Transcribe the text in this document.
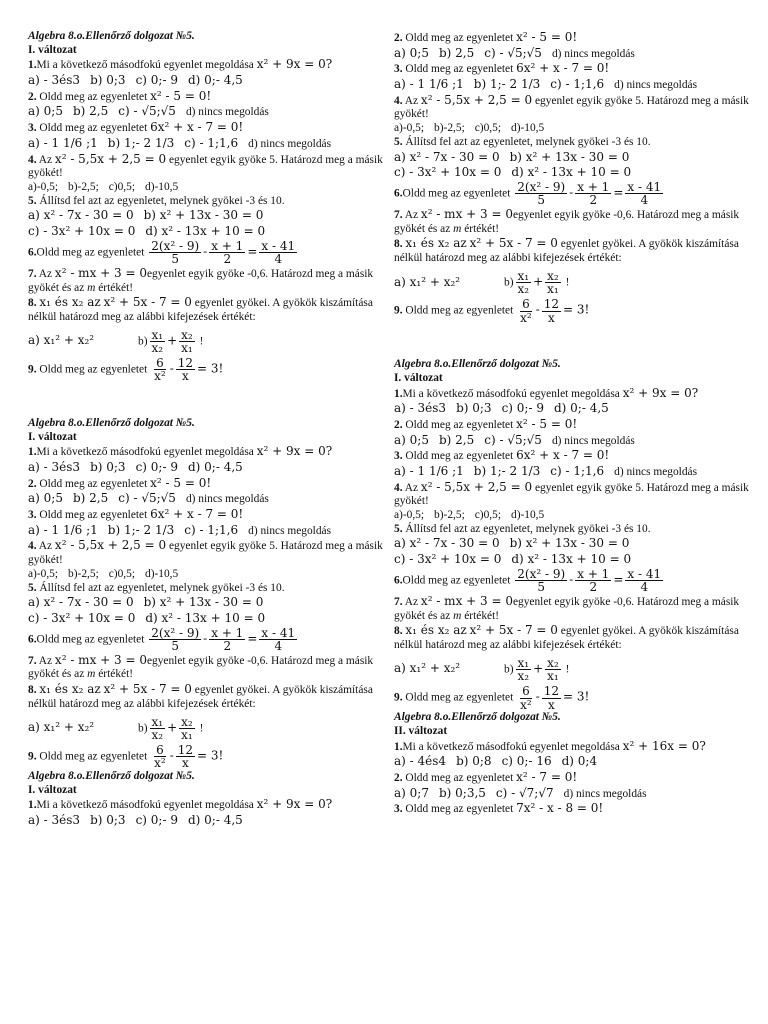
Algebra 8.o.Ellenőrző dolgozat №5.
I. változat
1.Mi a következő másodfokú egyenlet megoldása x² + 9x = 0?
a) - 3és3 b) 0;3 c) 0;- 9 d) 0;- 4,5
2. Oldd meg az egyenletet x² - 5 = 0!
a) 0;5 b) 2,5 c) - √5;√5 d) nincs megoldás
3. Oldd meg az egyenletet 6x² + x - 7 = 0!
a) - 1 1/6 ;1 b) 1;- 2 1/3 c) - 1;1,6 d) nincs megoldás
4. Az x² - 5,5x + 2,5 = 0 egyenlet egyik gyöke 5. Határozd meg a másik gyökét!
a)-0,5; b)-2,5; c)0,5; d)-10,5
5. Állítsd fel azt az egyenletet, melynek gyökei -3 és 10.
a) x² - 7x - 30 = 0 b) x² + 13x - 30 = 0
c) - 3x² + 10x = 0 d) x² - 13x + 10 = 0
6.Oldd meg az egyenletet $\frac{\text{2(x² - 9)}}{5} - \frac{x + 1}{2} = \frac{x - 41}{4}$
7. Az x² - mx + 3 = 0egyenlet egyik gyöke -0,6. Határozd meg a másik gyökét és az m értékét!
8. x₁ és x₂ az x² + 5x - 7 = 0 egyenlet gyökei. A gyökök kiszámítása nélkül határozd meg az alábbi kifejezések értékét:
a) x₁² + x₂²	$b) \frac{\text{x₁}}{\text{x₂}} + \frac{\text{x₂}}{\text{x₁}}$ !
9. Oldd meg az egyenletet $\frac{6}{\text{x²}} - \frac{12}{x} = 3$!
Algebra 8.o.Ellenőrző dolgozat №5.
I. változat
1.Mi a következő másodfokú egyenlet megoldása x² + 9x = 0?
a) - 3és3 b) 0;3 c) 0;- 9 d) 0;- 4,5
2. Oldd meg az egyenletet x² - 5 = 0!
a) 0;5 b) 2,5 c) - √5;√5 d) nincs megoldás
3. Oldd meg az egyenletet 6x² + x - 7 = 0!
a) - 1 1/6 ;1 b) 1;- 2 1/3 c) - 1;1,6 d) nincs megoldás
4. Az x² - 5,5x + 2,5 = 0 egyenlet egyik gyöke 5. Határozd meg a másik gyökét!
a)-0,5; b)-2,5; c)0,5; d)-10,5
5. Állítsd fel azt az egyenletet, melynek gyökei -3 és 10.
a) x² - 7x - 30 = 0 b) x² + 13x - 30 = 0
c) - 3x² + 10x = 0 d) x² - 13x + 10 = 0
6.Oldd meg az egyenletet $\frac{\text{2(x² - 9)}}{5} - \frac{x + 1}{2} = \frac{x - 41}{4}$
7. Az x² - mx + 3 = 0egyenlet egyik gyöke -0,6. Határozd meg a másik gyökét és az m értékét!
8. x₁ és x₂ az x² + 5x - 7 = 0 egyenlet gyökei. A gyökök kiszámítása nélkül határozd meg az alábbi kifejezések értékét:
a) x₁² + x₂²	$b) \frac{\text{x₁}}{\text{x₂}} + \frac{\text{x₂}}{\text{x₁}}$ !
9. Oldd meg az egyenletet $\frac{6}{\text{x²}} - \frac{12}{x} = 3$!
Algebra 8.o.Ellenőrző dolgozat №5.
I. változat
1.Mi a következő másodfokú egyenlet megoldása x² + 9x = 0?
a) - 3és3 b) 0;3 c) 0;- 9 d) 0;- 4,5
2. Oldd meg az egyenletet x² - 5 = 0!
a) 0;5 b) 2,5 c) - √5;√5 d) nincs megoldás
3. Oldd meg az egyenletet 6x² + x - 7 = 0!
a) - 1 1/6 ;1 b) 1;- 2 1/3 c) - 1;1,6 d) nincs megoldás
4. Az x² - 5,5x + 2,5 = 0 egyenlet egyik gyöke 5. Határozd meg a másik gyökét!
a)-0,5; b)-2,5; c)0,5; d)-10,5
5. Állítsd fel azt az egyenletet, melynek gyökei -3 és 10.
a) x² - 7x - 30 = 0 b) x² + 13x - 30 = 0
c) - 3x² + 10x = 0 d) x² - 13x + 10 = 0
6.Oldd meg az egyenletet $\frac{\text{2(x² - 9)}}{5} - \frac{x + 1}{2} = \frac{x - 41}{4}$
7. Az x² - mx + 3 = 0egyenlet egyik gyöke -0,6. Határozd meg a másik gyökét és az m értékét!
8. x₁ és x₂ az x² + 5x - 7 = 0 egyenlet gyökei. A gyökök kiszámítása nélkül határozd meg az alábbi kifejezések értékét:
a) x₁² + x₂²	$b) \frac{\text{x₁}}{\text{x₂}} + \frac{\text{x₂}}{\text{x₁}}$ !
9. Oldd meg az egyenletet $\frac{6}{\text{x²}} - \frac{12}{x} = 3$!
Algebra 8.o.Ellenőrző dolgozat №5.
I. változat
1.Mi a következő másodfokú egyenlet megoldása x² + 9x = 0?
a) - 3és3 b) 0;3 c) 0;- 9 d) 0;- 4,5
2. Oldd meg az egyenletet x² - 5 = 0!
a) 0;5 b) 2,5 c) - √5;√5 d) nincs megoldás
3. Oldd meg az egyenletet 6x² + x - 7 = 0!
a) - 1 1/6 ;1 b) 1;- 2 1/3 c) - 1;1,6 d) nincs megoldás
4. Az x² - 5,5x + 2,5 = 0 egyenlet egyik gyöke 5. Határozd meg a másik gyökét!
a)-0,5; b)-2,5; c)0,5; d)-10,5
5. Állítsd fel azt az egyenletet, melynek gyökei -3 és 10.
a) x² - 7x - 30 = 0 b) x² + 13x - 30 = 0
c) - 3x² + 10x = 0 d) x² - 13x + 10 = 0
6.Oldd meg az egyenletet $\frac{\text{2(x² - 9)}}{5} - \frac{x + 1}{2} = \frac{x - 41}{4}$
7. Az x² - mx + 3 = 0egyenlet egyik gyöke -0,6. Határozd meg a másik gyökét és az m értékét!
8. x₁ és x₂ az x² + 5x - 7 = 0 egyenlet gyökei. A gyökök kiszámítása nélkül határozd meg az alábbi kifejezések értékét:
a) x₁² + x₂²	$b) \frac{\text{x₁}}{\text{x₂}} + \frac{\text{x₂}}{\text{x₁}}$ !
9. Oldd meg az egyenletet $\frac{6}{\text{x²}} - \frac{12}{x} = 3$!
Algebra 8.o.Ellenőrző dolgozat №5.
II. változat
1.Mi a következő másodfokú egyenlet megoldása x² + 16x = 0?
a) - 4és4 b) 0;8 c) 0;- 16 d) 0;4
2. Oldd meg az egyenletet x² - 7 = 0!
a) 0;7 b) 0;3,5 c) - √7;√7 d) nincs megoldás
3. Oldd meg az egyenletet 7x² - x - 8 = 0!
